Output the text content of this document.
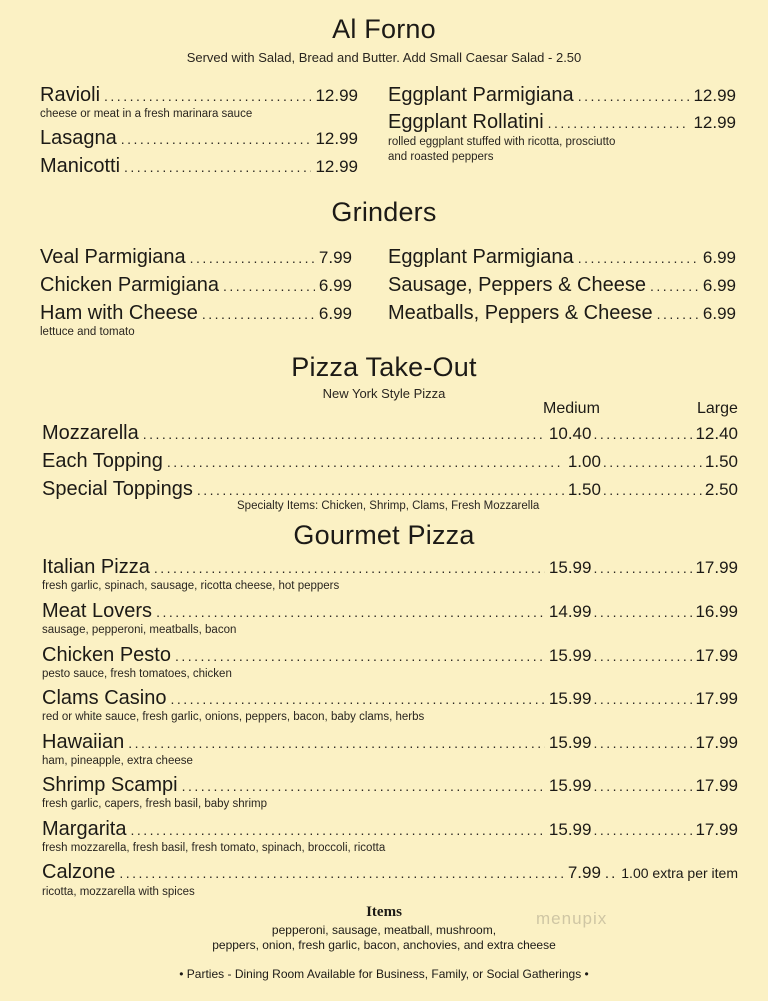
Al Forno
Served with Salad, Bread and Butter. Add Small Caesar Salad - 2.50
Ravioli .....	12.99
cheese or meat in a fresh marinara sauce
Lasagna .....	12.99
Manicotti .....	12.99
Eggplant Parmigiana .....	12.99
Eggplant Rollatini .....	12.99
rolled eggplant stuffed with ricotta, prosciutto
and roasted peppers
Grinders
Veal Parmigiana .....	7.99
Chicken Parmigiana .....	6.99
Ham with Cheese .....	6.99
lettuce and tomato
Eggplant Parmigiana .....	6.99
Sausage, Peppers & Cheese .....	6.99
Meatballs, Peppers & Cheese .....	6.99
Pizza Take-Out
New York Style Pizza
Medium	Large
Mozzarella .....	10.40 .....	12.40
Each Topping .....	1.00 .....	1.50
Special Toppings .....	1.50 .....	2.50
Specialty Items: Chicken, Shrimp, Clams, Fresh Mozzarella
Gourmet Pizza
Italian Pizza .....	15.99 .....	17.99
fresh garlic, spinach, sausage, ricotta cheese, hot peppers
Meat Lovers .....	14.99 .....	16.99
sausage, pepperoni, meatballs, bacon
Chicken Pesto .....	15.99 .....	17.99
pesto sauce, fresh tomatoes, chicken
Clams Casino .....	15.99 .....	17.99
red or white sauce, fresh garlic, onions, peppers, bacon, baby clams, herbs
Hawaiian .....	15.99 .....	17.99
ham, pineapple, extra cheese
Shrimp Scampi .....	15.99 .....	17.99
fresh garlic, capers, fresh basil, baby shrimp
Margarita .....	15.99 .....	17.99
fresh mozzarella, fresh basil, fresh tomato, spinach, broccoli, ricotta
Calzone .....	7.99 .. 1.00 extra per item
ricotta, mozzarella with spices
Items
pepperoni, sausage, meatball, mushroom,
peppers, onion, fresh garlic, bacon, anchovies, and extra cheese
menupix
• Parties - Dining Room Available for Business, Family, or Social Gatherings •
